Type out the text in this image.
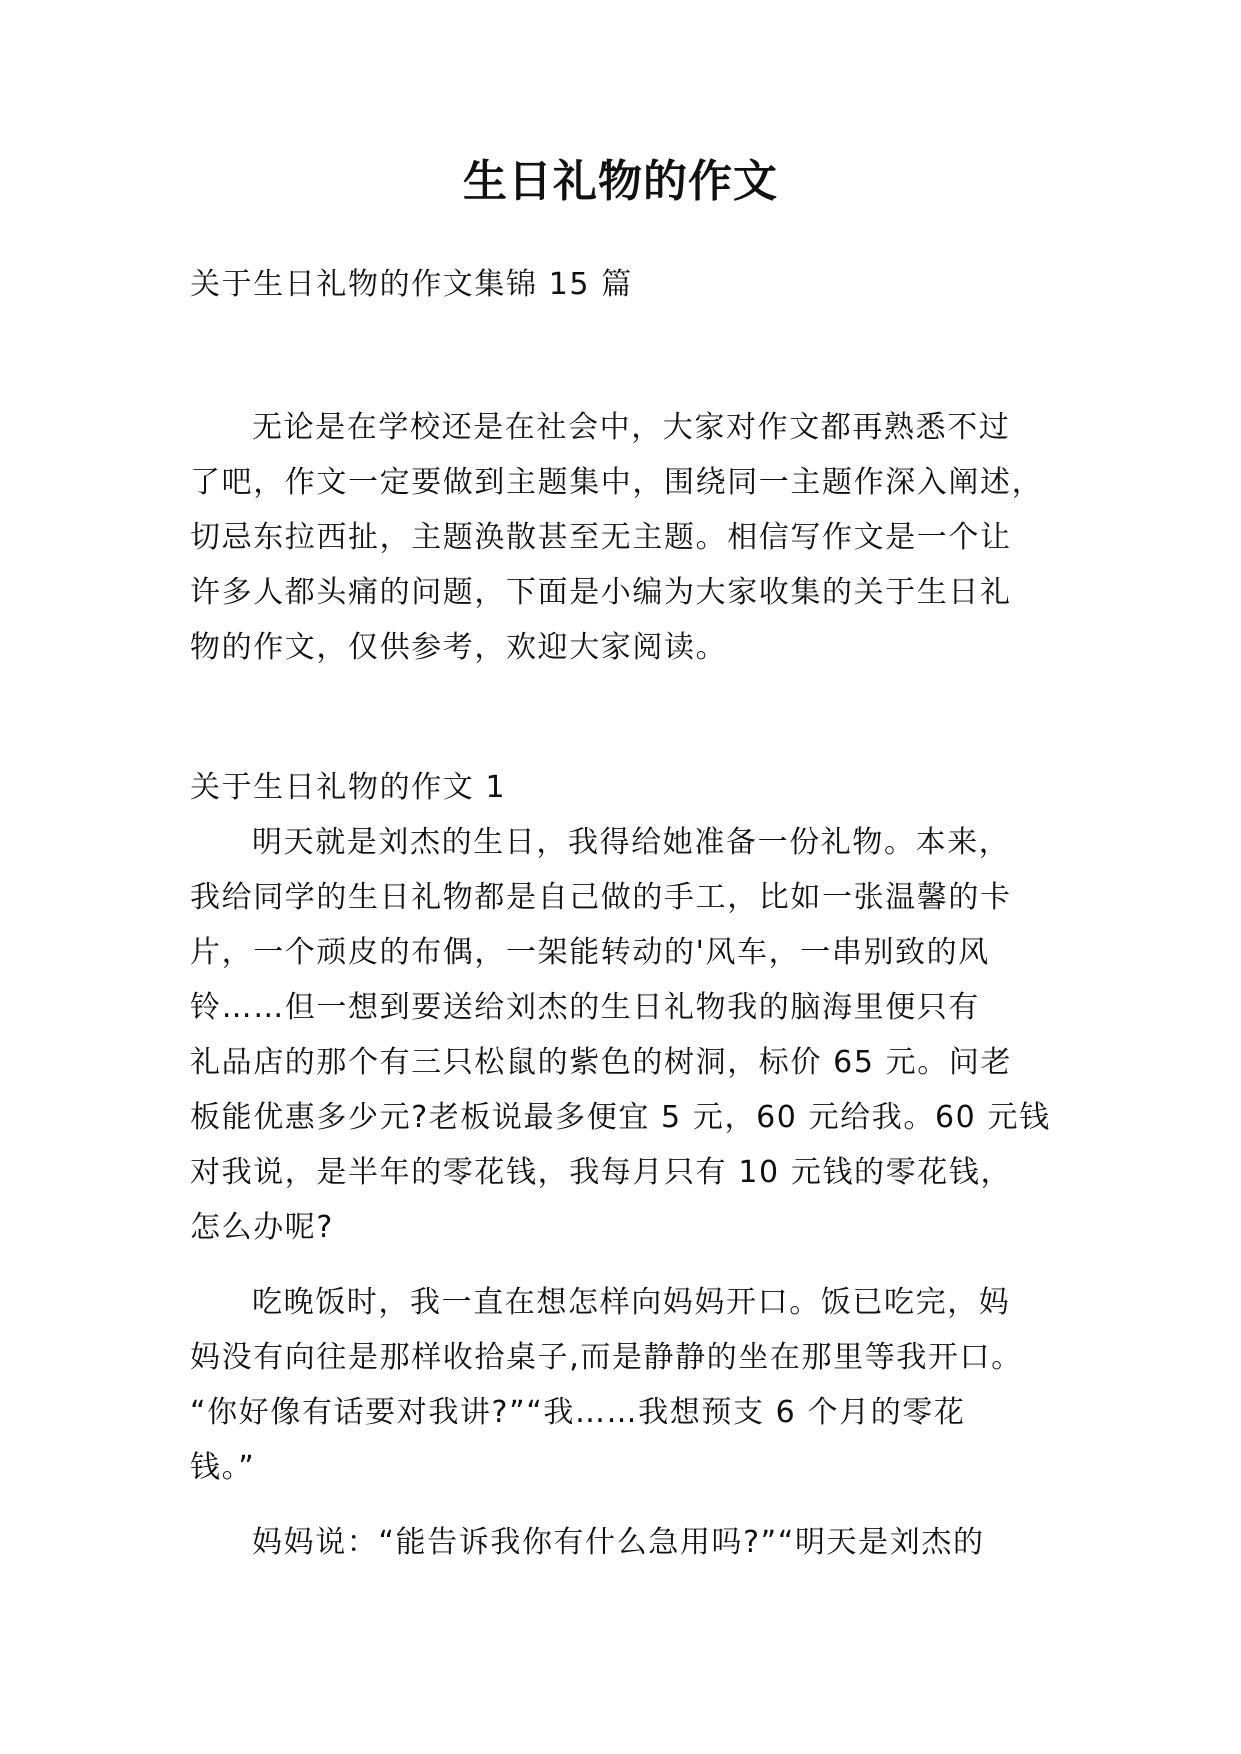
生日礼物的作文

关于生日礼物的作文集锦 15 篇

无论是在学校还是在社会中，大家对作文都再熟悉不过

了吧，作文一定要做到主题集中，围绕同一主题作深入阐述，

切忌东拉西扯，主题涣散甚至无主题。相信写作文是一个让

许多人都头痛的问题，下面是小编为大家收集的关于生日礼

物的作文，仅供参考，欢迎大家阅读。

关于生日礼物的作文 1

明天就是刘杰的生日，我得给她准备一份礼物。本来，

我给同学的生日礼物都是自己做的手工，比如一张温馨的卡

片，一个顽皮的布偶，一架能转动的'风车，一串别致的风

铃……但一想到要送给刘杰的生日礼物我的脑海里便只有

礼品店的那个有三只松鼠的紫色的树洞，标价 65 元。问老

板能优惠多少元?老板说最多便宜 5 元，60 元给我。60 元钱

对我说，是半年的零花钱，我每月只有 10 元钱的零花钱，

怎么办呢?

吃晚饭时，我一直在想怎样向妈妈开口。饭已吃完，妈

妈没有向往是那样收拾桌子,而是静静的坐在那里等我开口。

“你好像有话要对我讲?”“我……我想预支 6 个月的零花

钱。”

妈妈说：“能告诉我你有什么急用吗?”“明天是刘杰的
